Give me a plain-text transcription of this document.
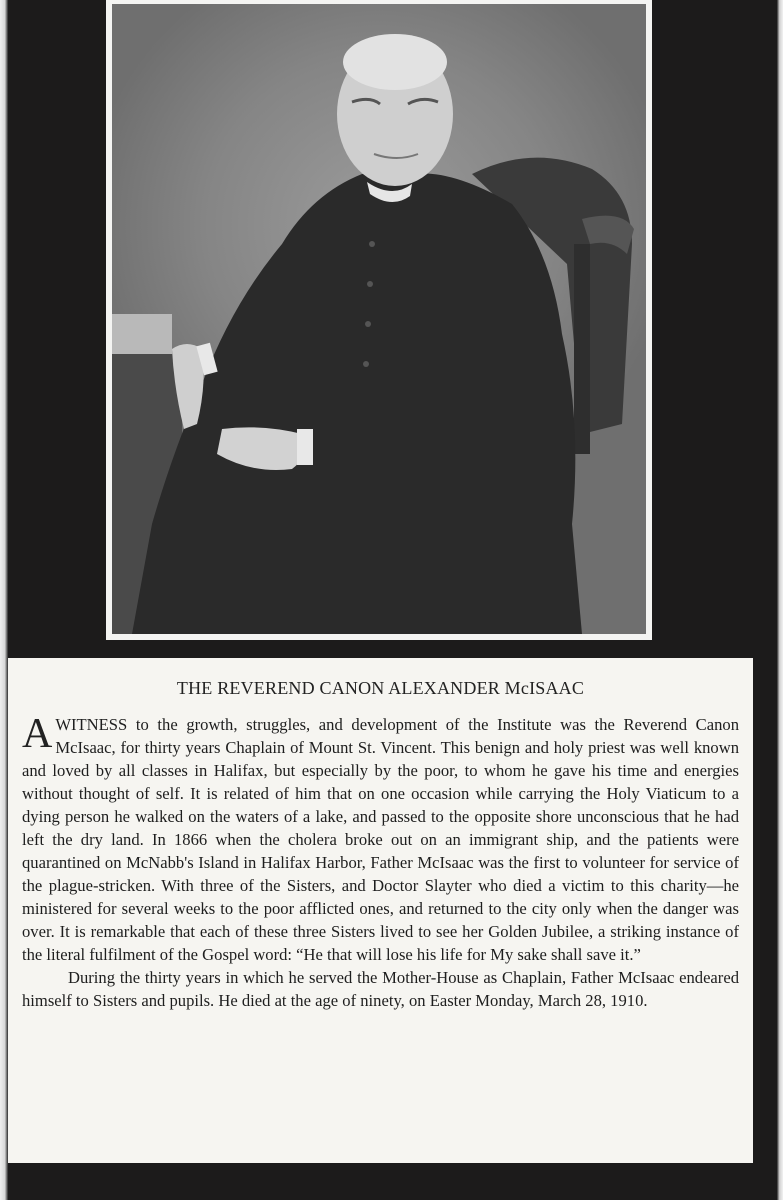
THE REVEREND CANON ALEXANDER McISAAC

AWITNESS to the growth, struggles, and development of the Institute was the Reverend Canon McIsaac, for thirty years Chaplain of Mount St. Vincent. This benign and holy priest was well known and loved by all classes in Halifax, but especially by the poor, to whom he gave his time and energies without thought of self. It is related of him that on one occasion while carrying the Holy Viaticum to a dying person he walked on the waters of a lake, and passed to the opposite shore unconscious that he had left the dry land. In 1866 when the cholera broke out on an immigrant ship, and the patients were quarantined on McNabb's Island in Halifax Harbor, Father McIsaac was the first to volunteer for service of the plague-stricken. With three of the Sisters, and Doctor Slayter who died a victim to this charity—he ministered for several weeks to the poor afflicted ones, and returned to the city only when the danger was over. It is remarkable that each of these three Sisters lived to see her Golden Jubilee, a striking instance of the literal fulfilment of the Gospel word: “He that will lose his life for My sake shall save it.”

During the thirty years in which he served the Mother-House as Chaplain, Father McIsaac endeared himself to Sisters and pupils. He died at the age of ninety, on Easter Monday, March 28, 1910.
